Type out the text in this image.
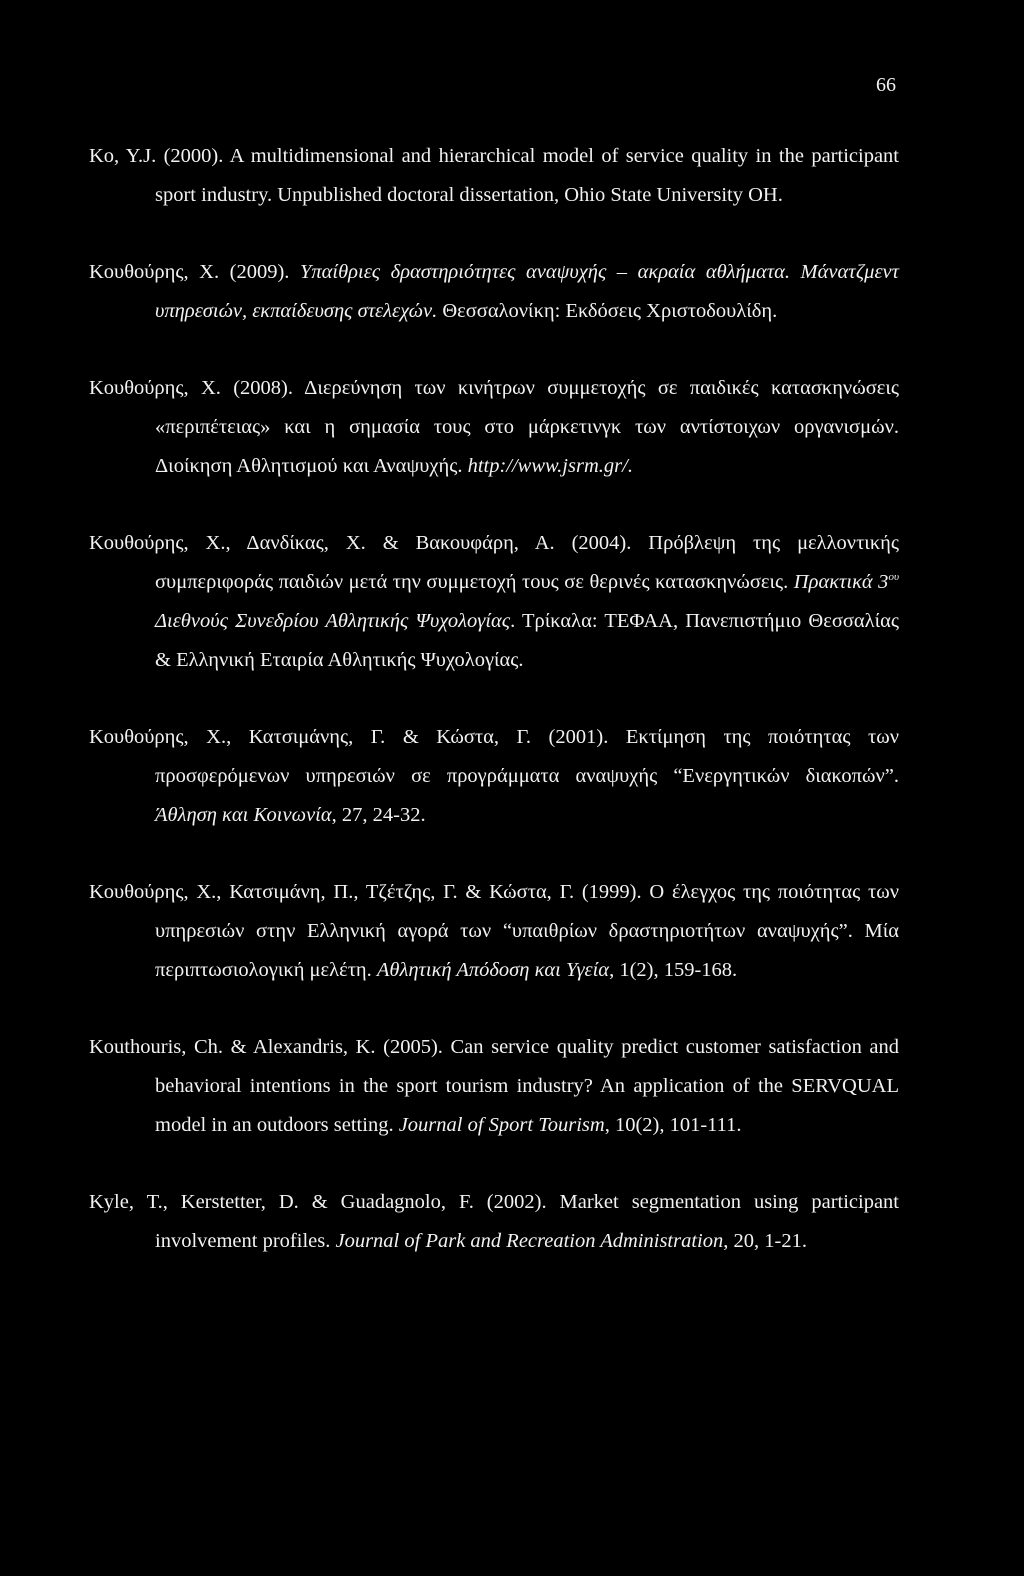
66

Ko, Y.J. (2000). A multidimensional and hierarchical model of service quality in the participant sport industry. Unpublished doctoral dissertation, Ohio State University OH.

Κουθούρης, Χ. (2009). Υπαίθριες δραστηριότητες αναψυχής – ακραία αθλήματα. Μάνατζμεντ υπηρεσιών, εκπαίδευσης στελεχών. Θεσσαλονίκη: Εκδόσεις Χριστοδουλίδη.

Κουθούρης, Χ. (2008). Διερεύνηση των κινήτρων συμμετοχής σε παιδικές κατασκηνώσεις «περιπέτειας» και η σημασία τους στο μάρκετινγκ των αντίστοιχων οργανισμών. Διοίκηση Αθλητισμού και Αναψυχής. http://www.jsrm.gr/.

Κουθούρης, Χ., Δανδίκας, Χ. & Βακουφάρη, Α. (2004). Πρόβλεψη της μελλοντικής συμπεριφοράς παιδιών μετά την συμμετοχή τους σε θερινές κατασκηνώσεις. Πρακτικά $3^{o\upsilon}$ Διεθνούς Συνεδρίου Αθλητικής Ψυχολογίας. Τρίκαλα: ΤΕΦΑΑ, Πανεπιστήμιο Θεσσαλίας & Ελληνική Εταιρία Αθλητικής Ψυχολογίας.

Κουθούρης, Χ., Κατσιμάνης, Γ. & Κώστα, Γ. (2001). Εκτίμηση της ποιότητας των προσφερόμενων υπηρεσιών σε προγράμματα αναψυχής “Ενεργητικών διακοπών”. Άθληση και Κοινωνία, 27, 24-32.

Κουθούρης, Χ., Κατσιμάνη, Π., Τζέτζης, Γ. & Κώστα, Γ. (1999). Ο έλεγχος της ποιότητας των υπηρεσιών στην Ελληνική αγορά των “υπαιθρίων δραστηριοτήτων αναψυχής”. Μία περιπτωσιολογική μελέτη. Αθλητική Απόδοση και Υγεία, 1(2), 159-168.

Kouthouris, Ch. & Alexandris, K. (2005). Can service quality predict customer satisfaction and behavioral intentions in the sport tourism industry? An application of the SERVQUAL model in an outdoors setting. Journal of Sport Tourism, 10(2), 101-111.

Kyle, T., Kerstetter, D. & Guadagnolo, F. (2002). Market segmentation using participant involvement profiles. Journal of Park and Recreation Administration, 20, 1-21.
